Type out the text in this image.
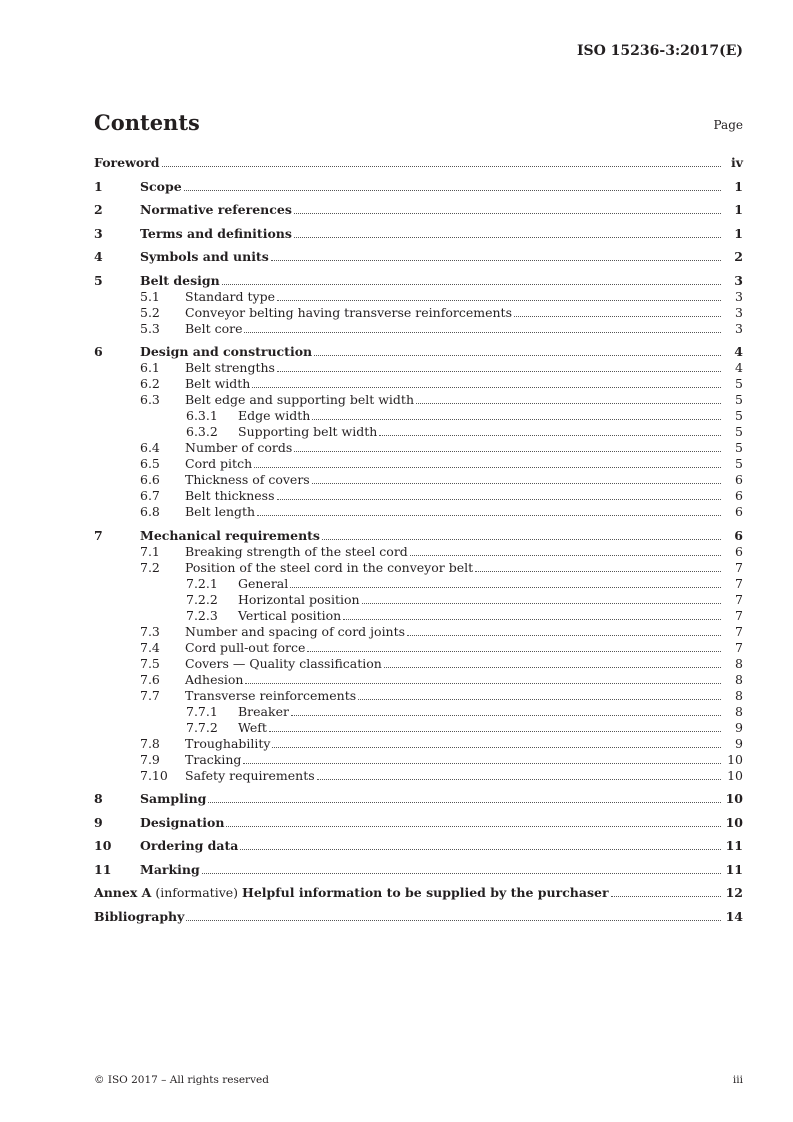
ISO 15236-3:2017(E)
Contents	Page
Foreword	iv
1	Scope	1
2	Normative references	1
3	Terms and definitions	1
4	Symbols and units	2
5	Belt design	3
5.1 Standard type	3
5.2 Conveyor belting having transverse reinforcements	3
5.3 Belt core	3
6	Design and construction	4
6.1 Belt strengths	4
6.2 Belt width	5
6.3 Belt edge and supporting belt width	5
6.3.1 Edge width	5
6.3.2 Supporting belt width	5
6.4 Number of cords	5
6.5 Cord pitch	5
6.6 Thickness of covers	6
6.7 Belt thickness	6
6.8 Belt length	6
7	Mechanical requirements	6
7.1 Breaking strength of the steel cord	6
7.2 Position of the steel cord in the conveyor belt	7
7.2.1 General	7
7.2.2 Horizontal position	7
7.2.3 Vertical position	7
7.3 Number and spacing of cord joints	7
7.4 Cord pull-out force	7
7.5 Covers — Quality classification	8
7.6 Adhesion	8
7.7 Transverse reinforcements	8
7.7.1 Breaker	8
7.7.2 Weft	9
7.8 Troughability	9
7.9 Tracking	10
7.10 Safety requirements	10
8	Sampling	10
9	Designation	10
10 Ordering data	11
11 Marking	11
Annex A (informative) Helpful information to be supplied by the purchaser	12
Bibliography	14
© ISO 2017 – All rights reserved	iii
